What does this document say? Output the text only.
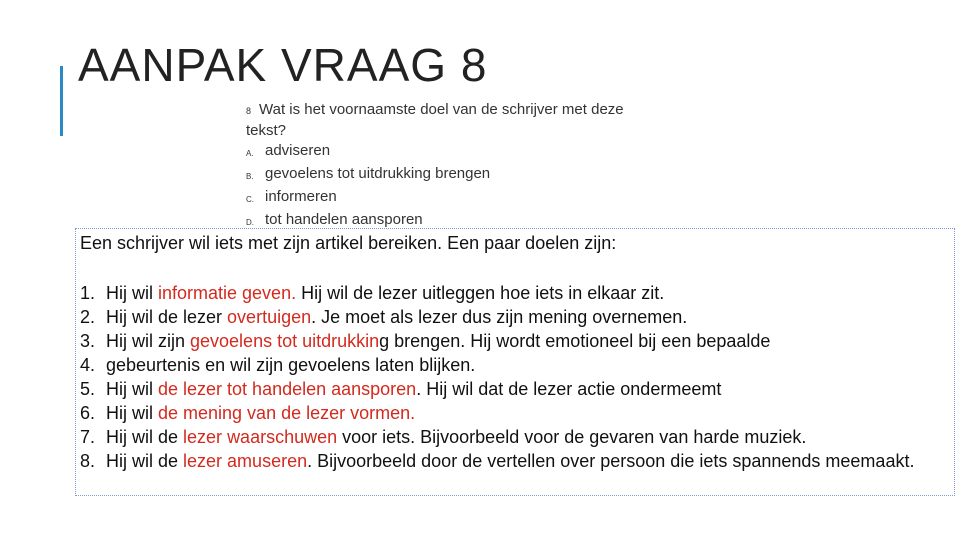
AANPAK VRAAG 8
8 Wat is het voornaamste doel van de schrijver met deze
tekst?
A. adviseren
B. gevoelens tot uitdrukking brengen
C. informeren
D. tot handelen aansporen
Een schrijver wil iets met zijn artikel bereiken. Een paar doelen zijn:
1. Hij wil informatie geven. Hij wil de lezer uitleggen hoe iets in elkaar zit.
2. Hij wil de lezer overtuigen. Je moet als lezer dus zijn mening overnemen.
3. Hij wil zijn gevoelens tot uitdrukking brengen. Hij wordt emotioneel bij een bepaalde
4. gebeurtenis en wil zijn gevoelens laten blijken.
5. Hij wil de lezer tot handelen aansporen. Hij wil dat de lezer actie ondermeemt
6. Hij wil de mening van de lezer vormen.
7. Hij wil de lezer waarschuwen voor iets. Bijvoorbeeld voor de gevaren van harde muziek.
8. Hij wil de lezer amuseren. Bijvoorbeeld door de vertellen over persoon die iets spannends meemaakt.
